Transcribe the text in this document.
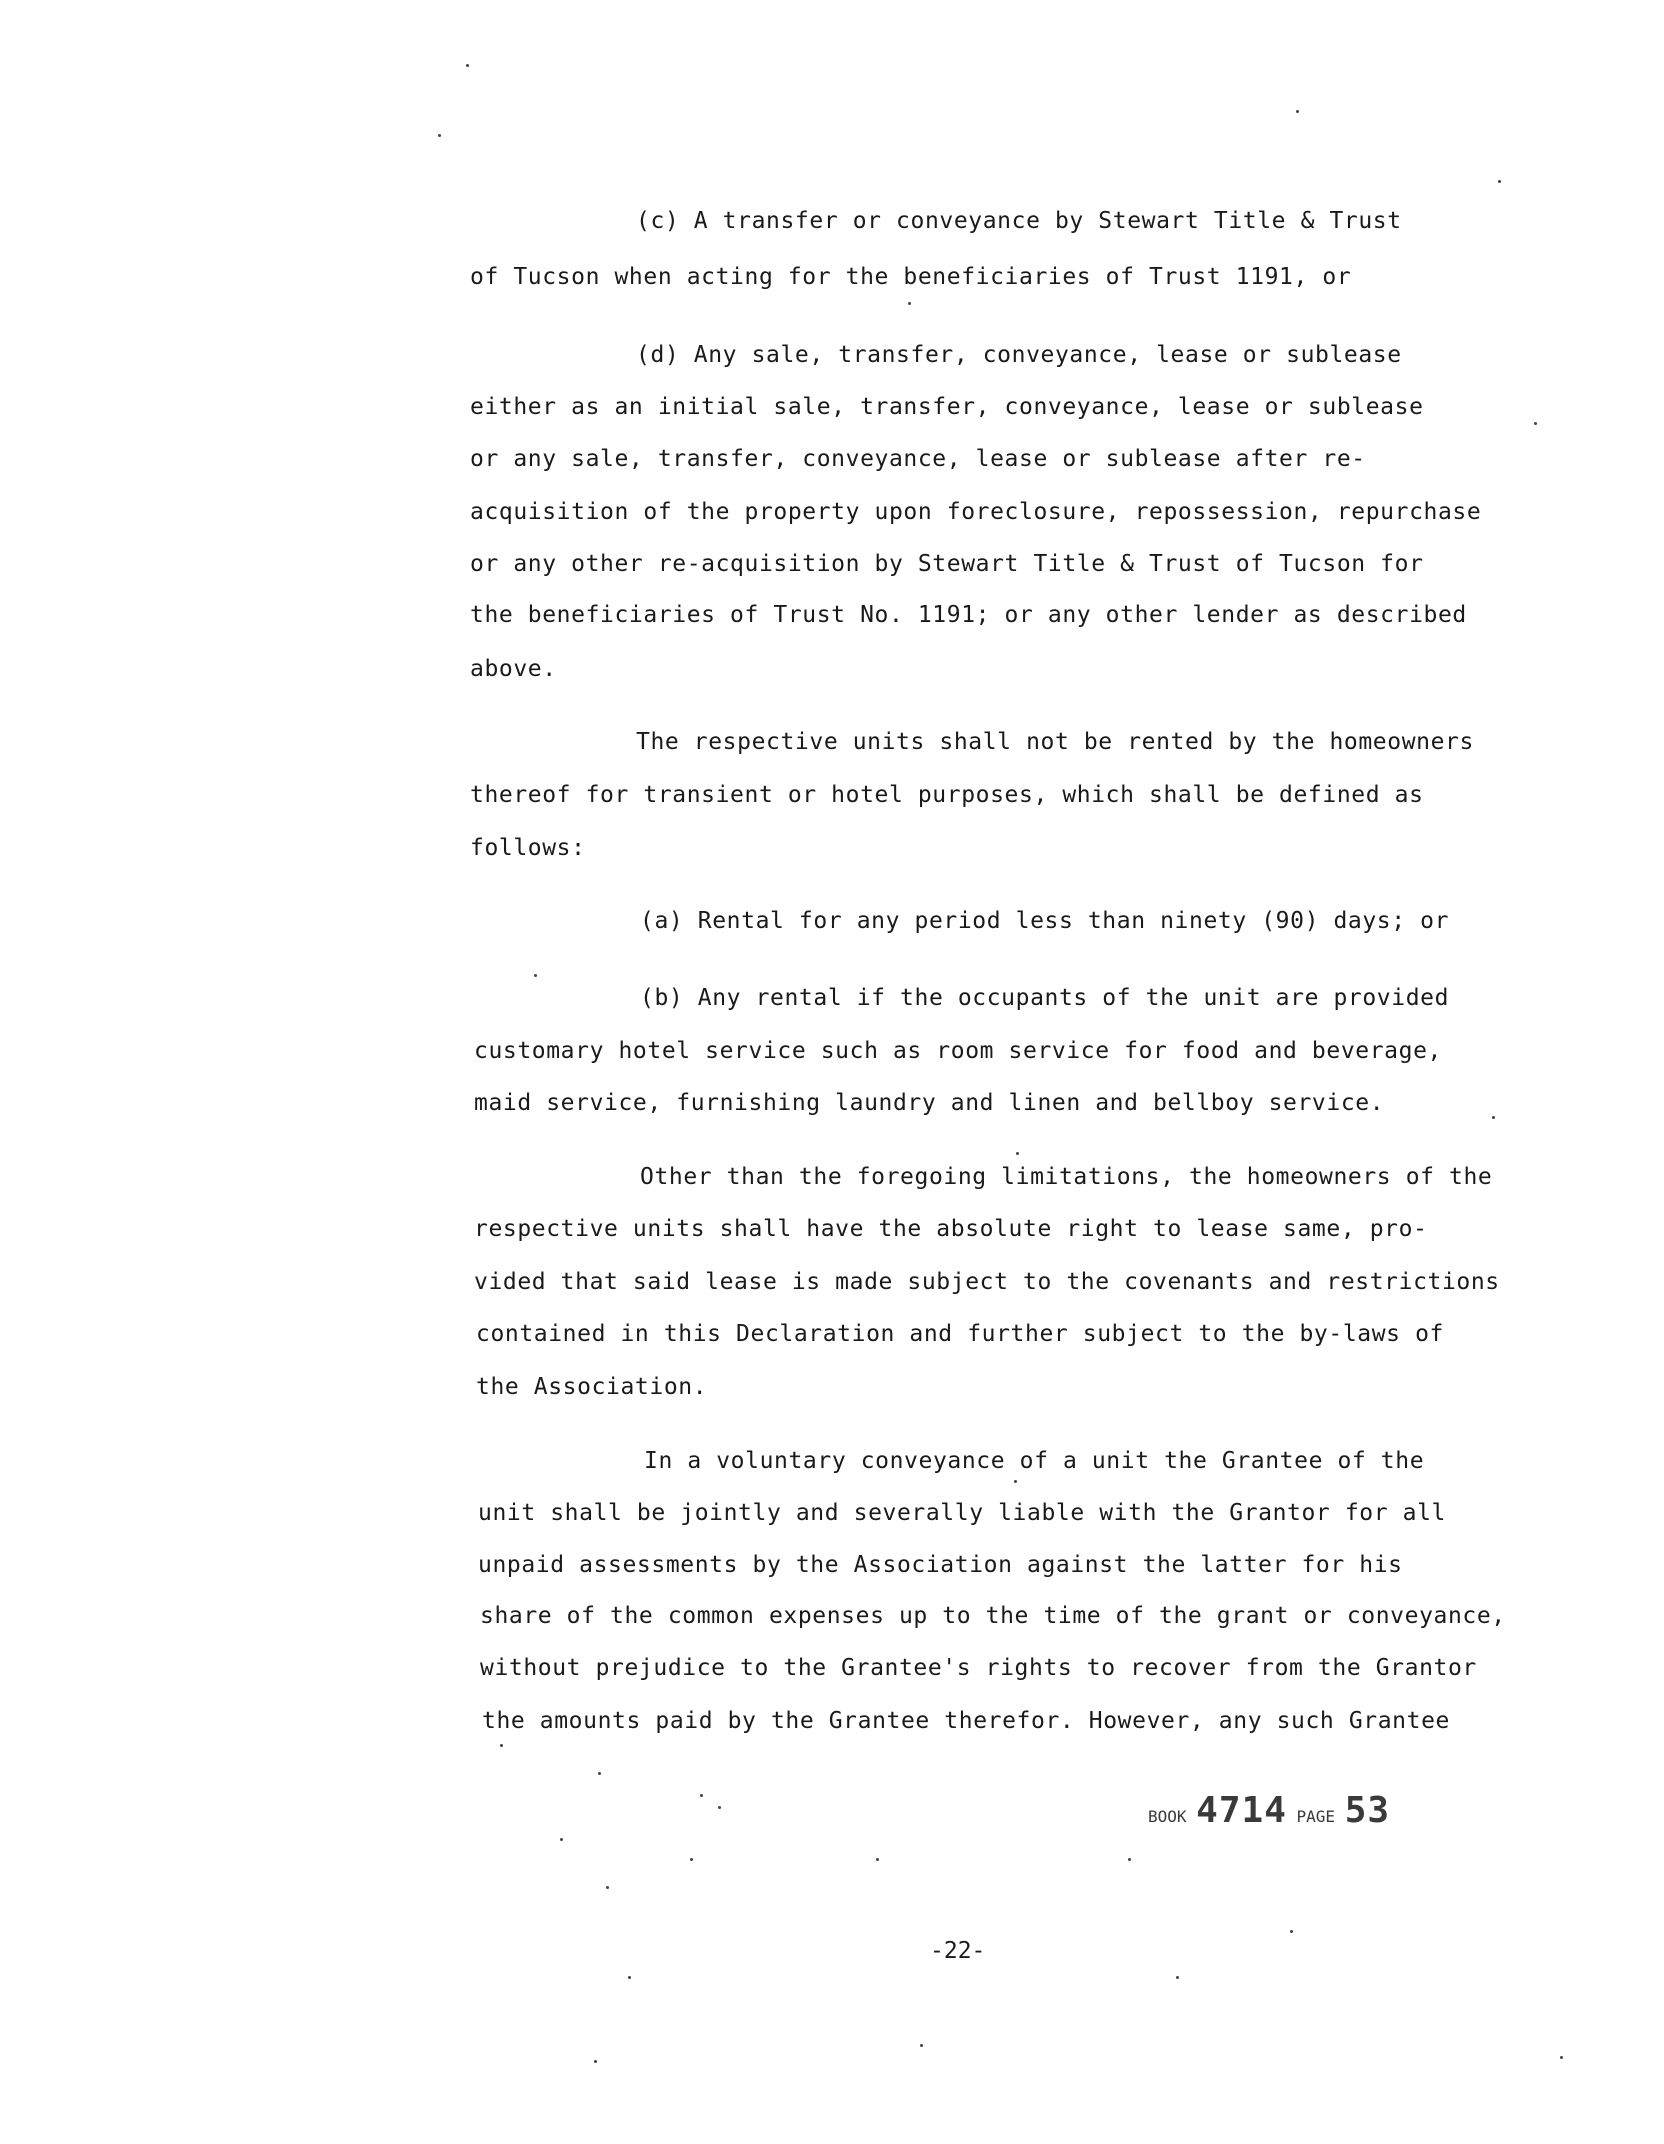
(c) A transfer or conveyance by Stewart Title & Trust
of Tucson when acting for the beneficiaries of Trust 1191, or
(d) Any sale, transfer, conveyance, lease or sublease
either as an initial sale, transfer, conveyance, lease or sublease
or any sale, transfer, conveyance, lease or sublease after re-
acquisition of the property upon foreclosure, repossession, repurchase
or any other re-acquisition by Stewart Title & Trust of Tucson for
the beneficiaries of Trust No. 1191; or any other lender as described
above.
The respective units shall not be rented by the homeowners
thereof for transient or hotel purposes, which shall be defined as
follows:
(a) Rental for any period less than ninety (90) days; or
(b) Any rental if the occupants of the unit are provided
customary hotel service such as room service for food and beverage,
maid service, furnishing laundry and linen and bellboy service.
Other than the foregoing limitations, the homeowners of the
respective units shall have the absolute right to lease same, pro-
vided that said lease is made subject to the covenants and restrictions
contained in this Declaration and further subject to the by-laws of
the Association.
In a voluntary conveyance of a unit the Grantee of the
unit shall be jointly and severally liable with the Grantor for all
unpaid assessments by the Association against the latter for his
share of the common expenses up to the time of the grant or conveyance,
without prejudice to the Grantee's rights to recover from the Grantor
the amounts paid by the Grantee therefor. However, any such Grantee
BOOK 4714 PAGE 53
-22-
